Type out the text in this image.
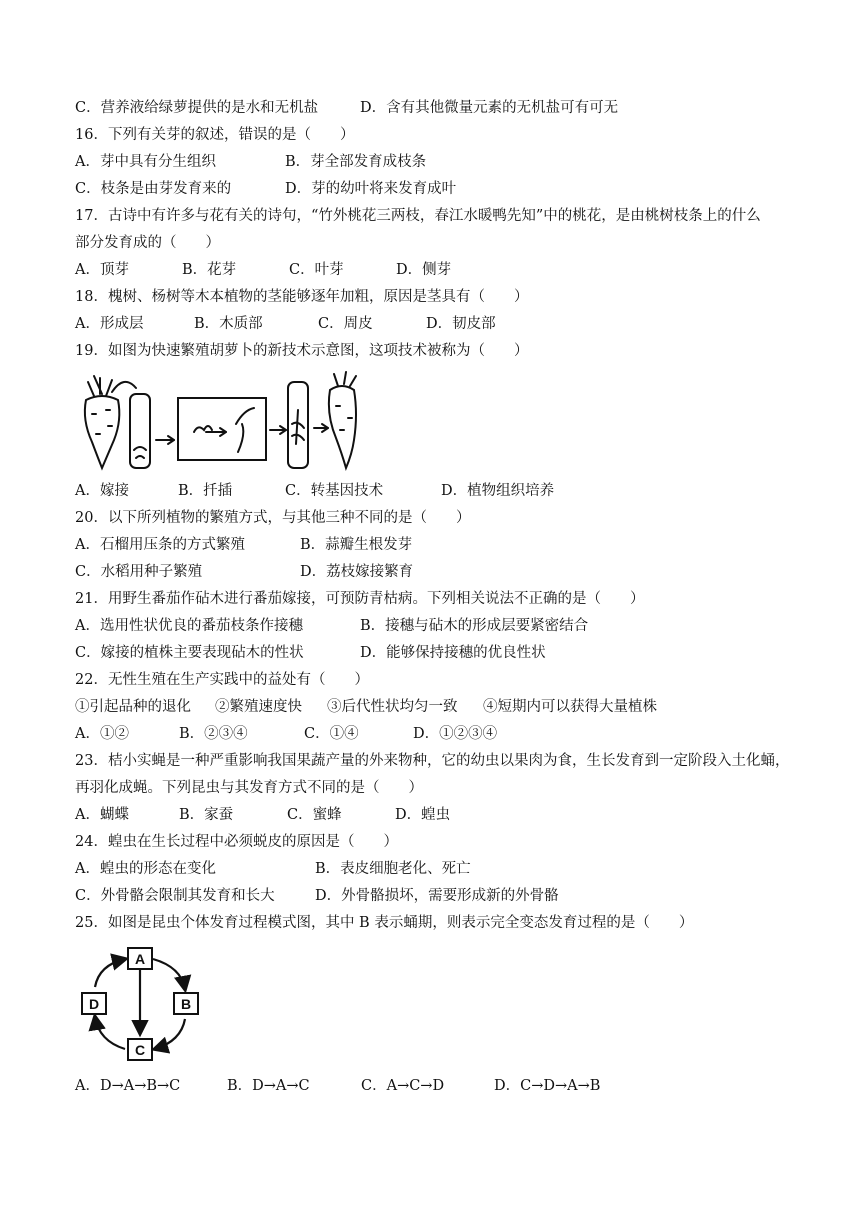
C．营养液给绿萝提供的是水和无机盐	D．含有其他微量元素的无机盐可有可无
16．下列有关芽的叙述，错误的是（　　）
A．芽中具有分生组织	B．芽全部发育成枝条
C．枝条是由芽发育来的	D．芽的幼叶将来发育成叶
17．古诗中有许多与花有关的诗句，“竹外桃花三两枝，春江水暖鸭先知”中的桃花，是由桃树枝条上的什么
部分发育成的（　　）
A．顶芽	B．花芽	C．叶芽	D．侧芽
18．槐树、杨树等木本植物的茎能够逐年加粗，原因是茎具有（　　）
A．形成层	B．木质部	C．周皮	D．韧皮部
19．如图为快速繁殖胡萝卜的新技术示意图，这项技术被称为（　　）
A．嫁接	B．扦插	C．转基因技术	D．植物组织培养
20．以下所列植物的繁殖方式，与其他三种不同的是（　　）
A．石榴用压条的方式繁殖	B．蒜瓣生根发芽
C．水稻用种子繁殖	D．荔枝嫁接繁育
21．用野生番茄作砧木进行番茄嫁接，可预防青枯病。下列相关说法不正确的是（　　）
A．选用性状优良的番茄枝条作接穗	B．接穗与砧木的形成层要紧密结合
C．嫁接的植株主要表现砧木的性状	D．能够保持接穗的优良性状
22．无性生殖在生产实践中的益处有（　　）
①引起品种的退化 ②繁殖速度快 ③后代性状均匀一致 ④短期内可以获得大量植株
A．①②	B．②③④	C．①④	D．①②③④
23．桔小实蝇是一种严重影响我国果蔬产量的外来物种，它的幼虫以果肉为食，生长发育到一定阶段入土化蛹，
再羽化成蝇。下列昆虫与其发育方式不同的是（　　）
A．蝴蝶	B．家蚕	C．蜜蜂	D．蝗虫
24．蝗虫在生长过程中必须蜕皮的原因是（　　）
A．蝗虫的形态在变化	B．表皮细胞老化、死亡
C．外骨骼会限制其发育和长大	D．外骨骼损坏，需要形成新的外骨骼
25．如图是昆虫个体发育过程模式图，其中 B 表示蛹期，则表示完全变态发育过程的是（　　）
A
B
C
D
A．D→A→B→C	B．D→A→C	C．A→C→D	D．C→D→A→B
